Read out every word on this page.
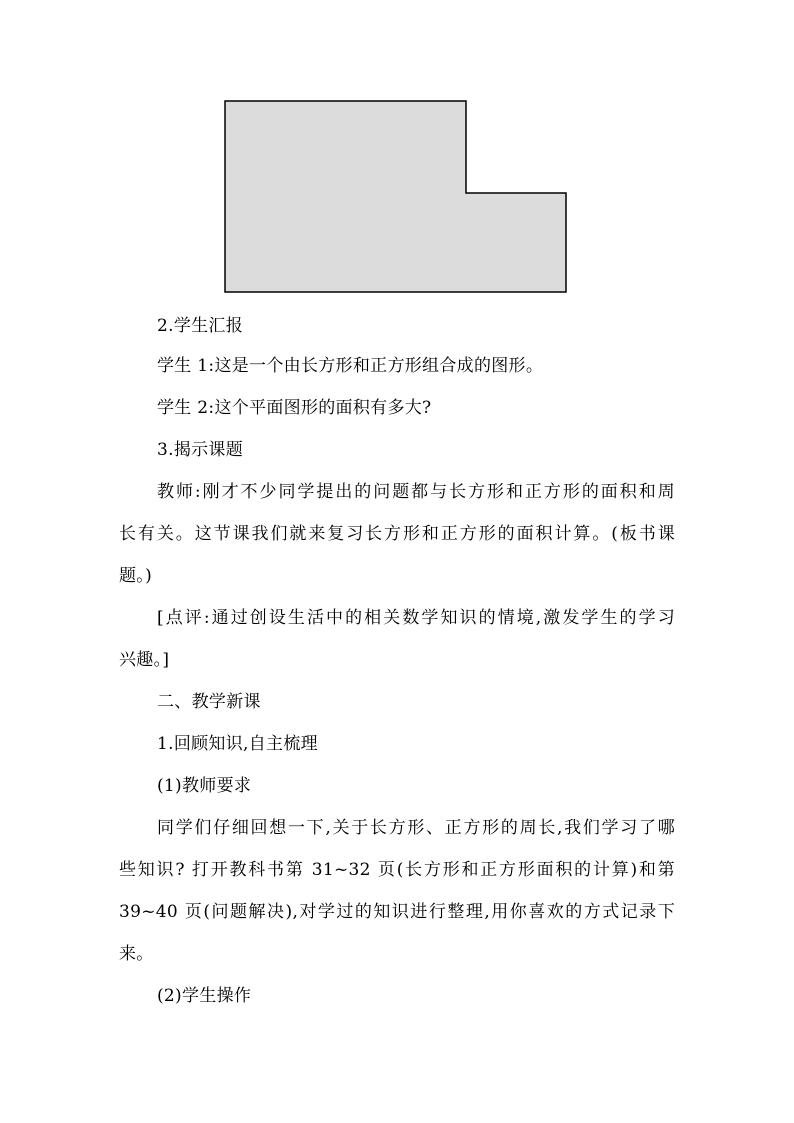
2.学生汇报
学生 1:这是一个由长方形和正方形组合成的图形。
学生 2:这个平面图形的面积有多大?
3.揭示课题
教师:刚才不少同学提出的问题都与长方形和正方形的面积和周
长有关。这节课我们就来复习长方形和正方形的面积计算。(板书课
题。)
[点评:通过创设生活中的相关数学知识的情境,激发学生的学习
兴趣。]
二、教学新课
1.回顾知识,自主梳理
(1)教师要求
同学们仔细回想一下,关于长方形、正方形的周长,我们学习了哪
些知识? 打开教科书第 31~32 页(长方形和正方形面积的计算)和第
39~40 页(问题解决),对学过的知识进行整理,用你喜欢的方式记录下
来。
(2)学生操作
